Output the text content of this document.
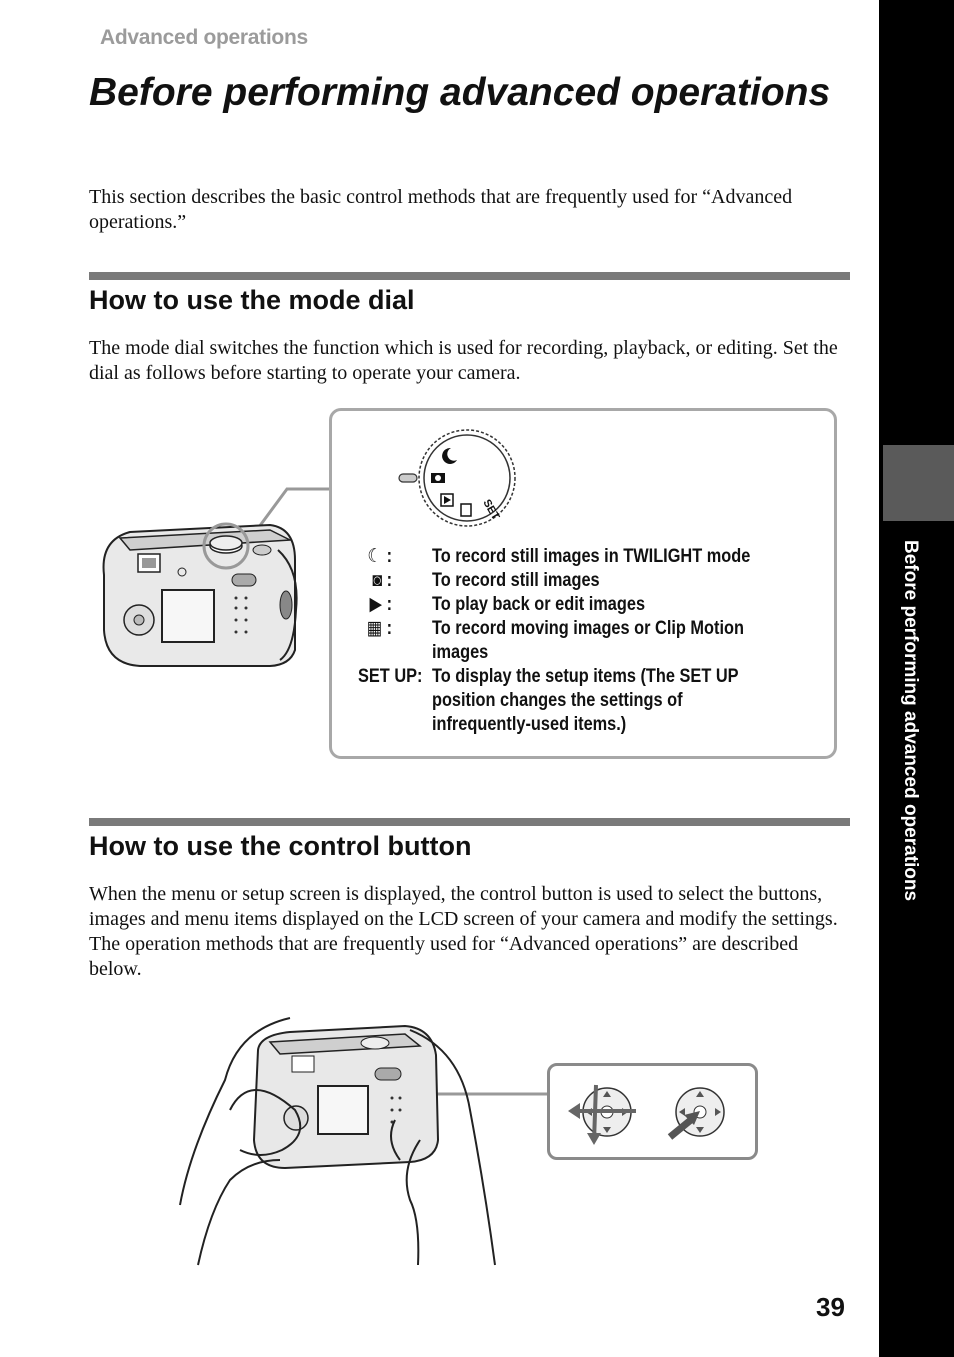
Before performing advanced operations
Advanced operations
Before performing advanced operations

This section describes the basic control methods that are frequently used for “Advanced operations.”

How to use the mode dial

The mode dial switches the function which is used for recording, playback, or editing. Set the dial as follows before starting to operate your camera.

SET
☾ :	To record still images in TWILIGHT mode
◙ :	To record still images
▶ :	To play back or edit images
▦ :	To record moving images or Clip Motion images
SET UP: To display the setup items (The SET UP position changes the settings of infrequently-used items.)
How to use the control button

When the menu or setup screen is displayed, the control button is used to select the buttons, images and menu items displayed on the LCD screen of your camera and modify the settings. The operation methods that are frequently used for “Advanced operations” are described below.

39
